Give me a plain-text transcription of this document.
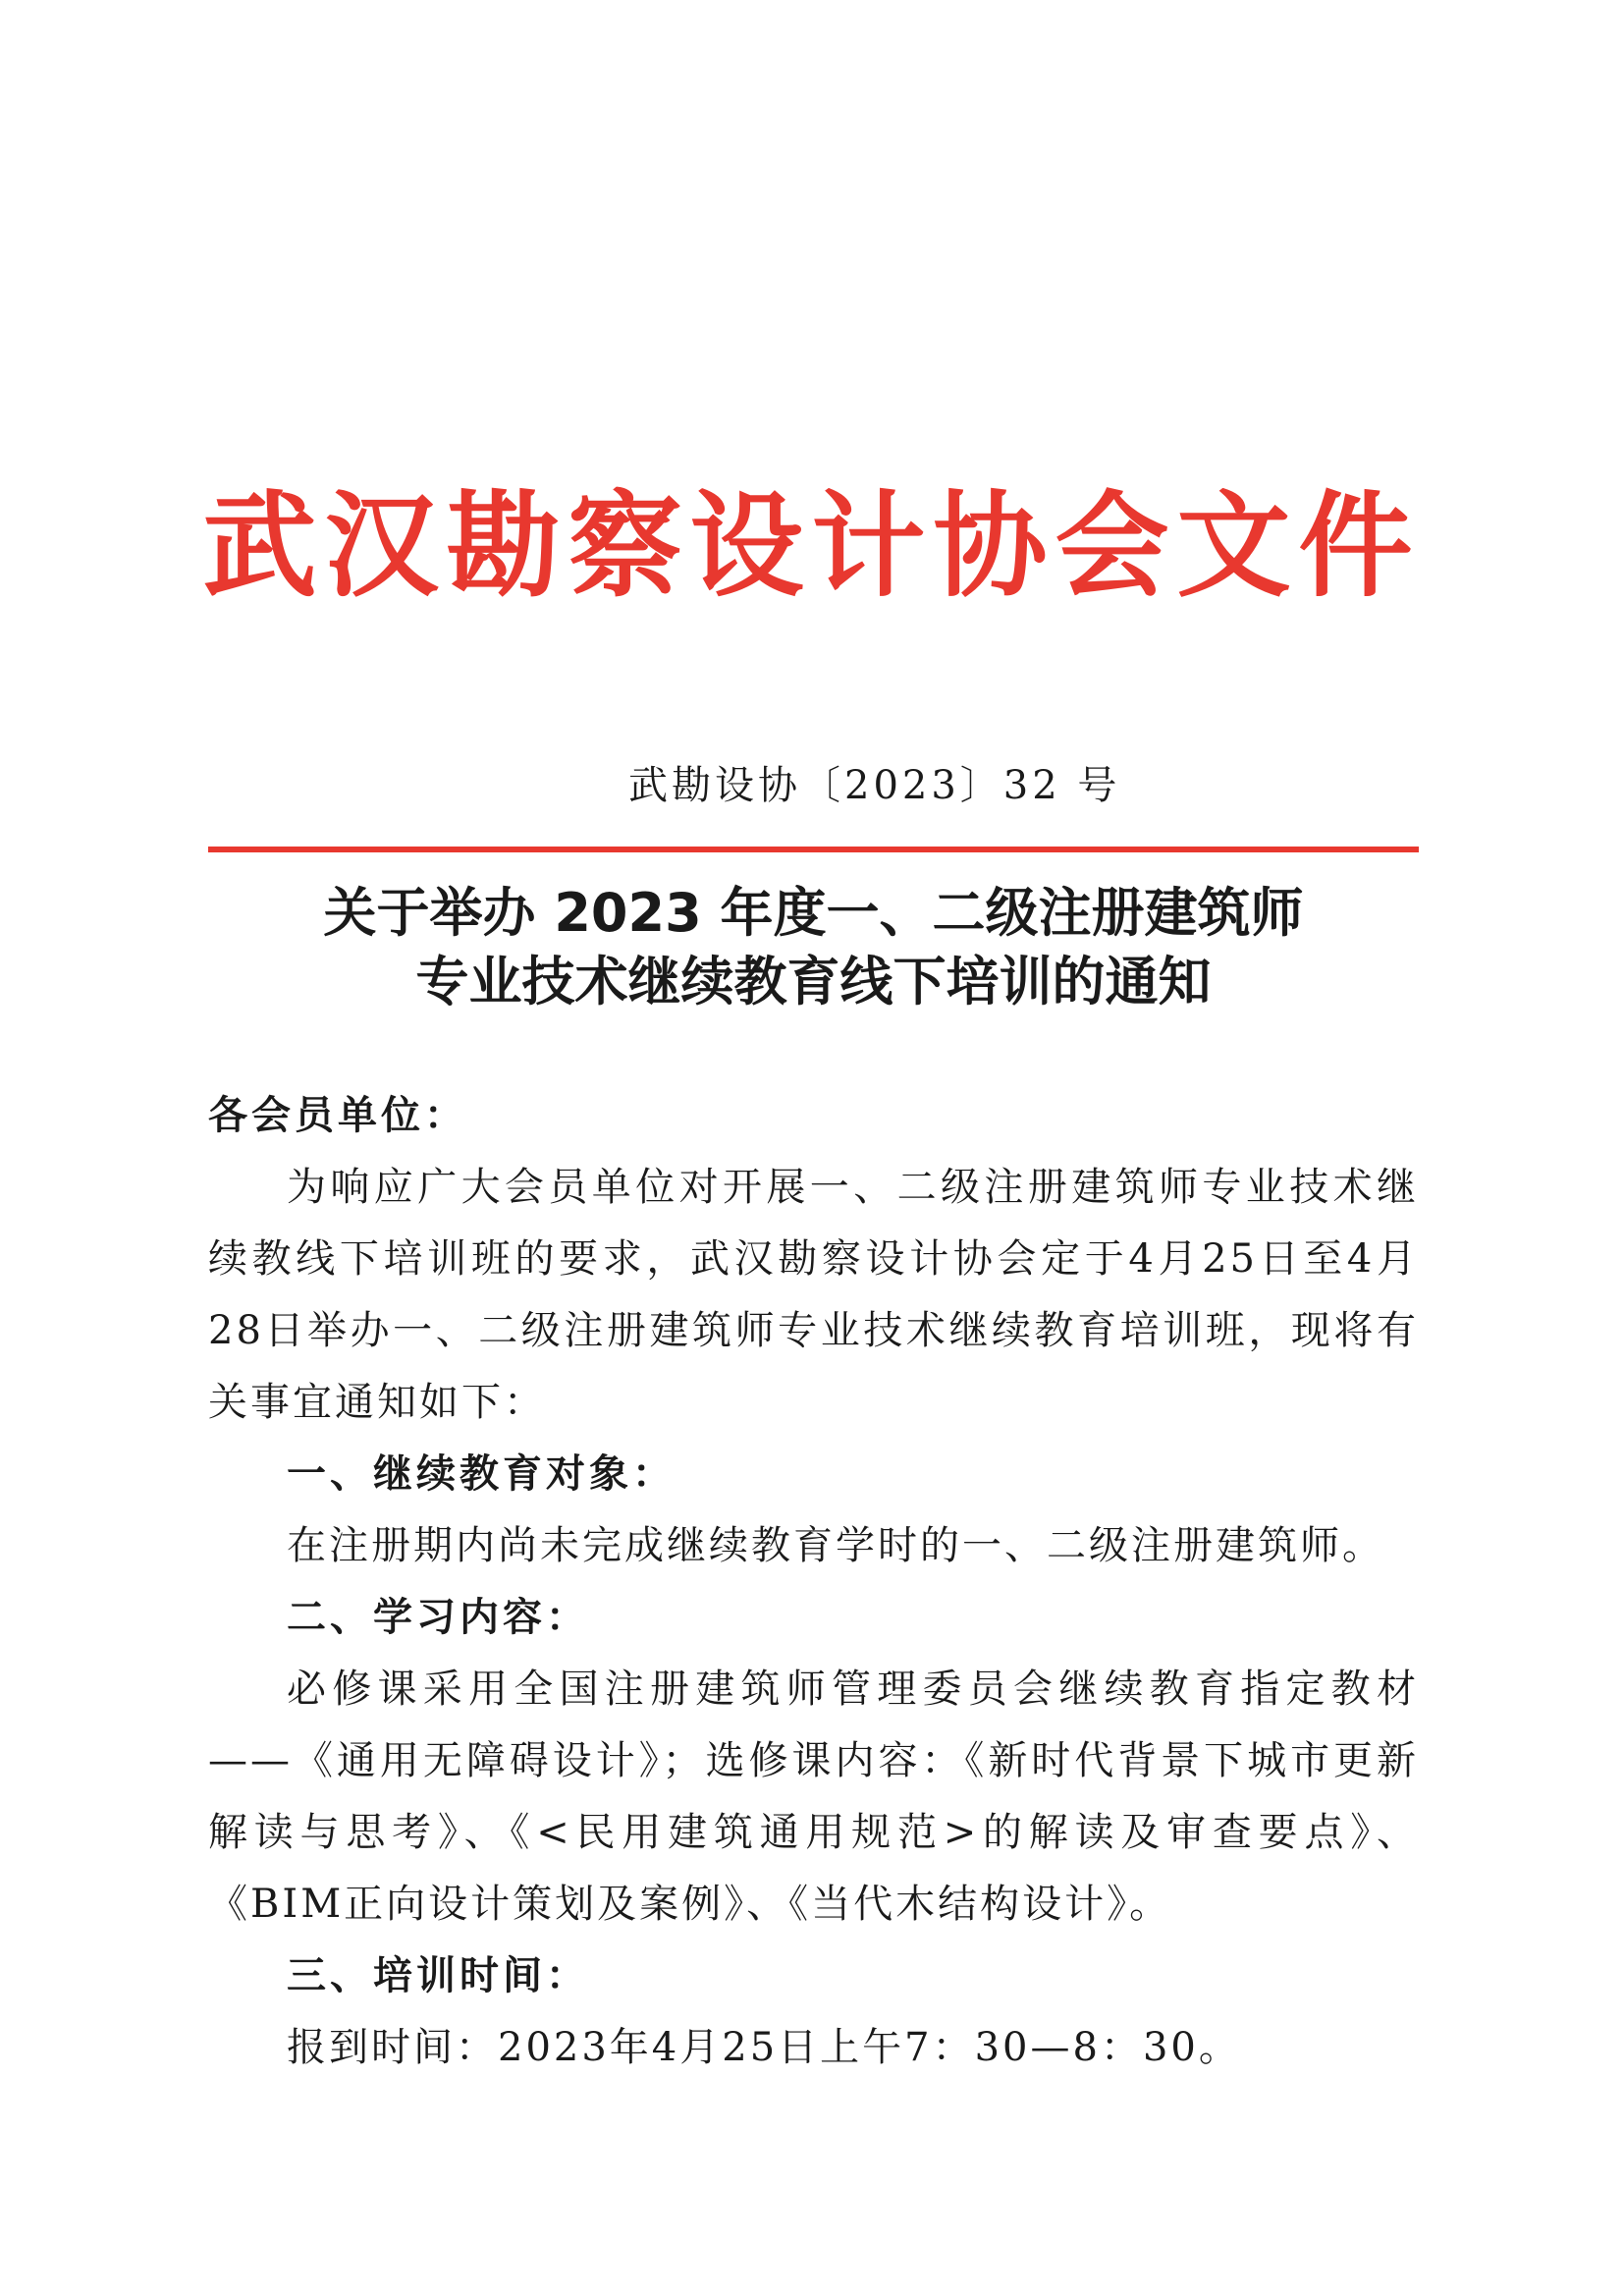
武汉勘察设计协会文件
武勘设协〔2023〕32 号
关于举办 2023 年度一、二级注册建筑师
专业技术继续教育线下培训的通知

各会员单位：

为响应广大会员单位对开展一、二级注册建筑师专业技术继续教线下培训班的要求，武汉勘察设计协会定于4月25日至4月28日举办一、二级注册建筑师专业技术继续教育培训班，现将有关事宜通知如下：

一、继续教育对象：

在注册期内尚未完成继续教育学时的一、二级注册建筑师。

二、学习内容：

必修课采用全国注册建筑师管理委员会继续教育指定教材——《通用无障碍设计》；选修课内容：《新时代背景下城市更新解读与思考》、《<民用建筑通用规范>的解读及审查要点》、《BIM正向设计策划及案例》、《当代木结构设计》。

三、培训时间：

报到时间：2023年4月25日上午7：30—8：30。
